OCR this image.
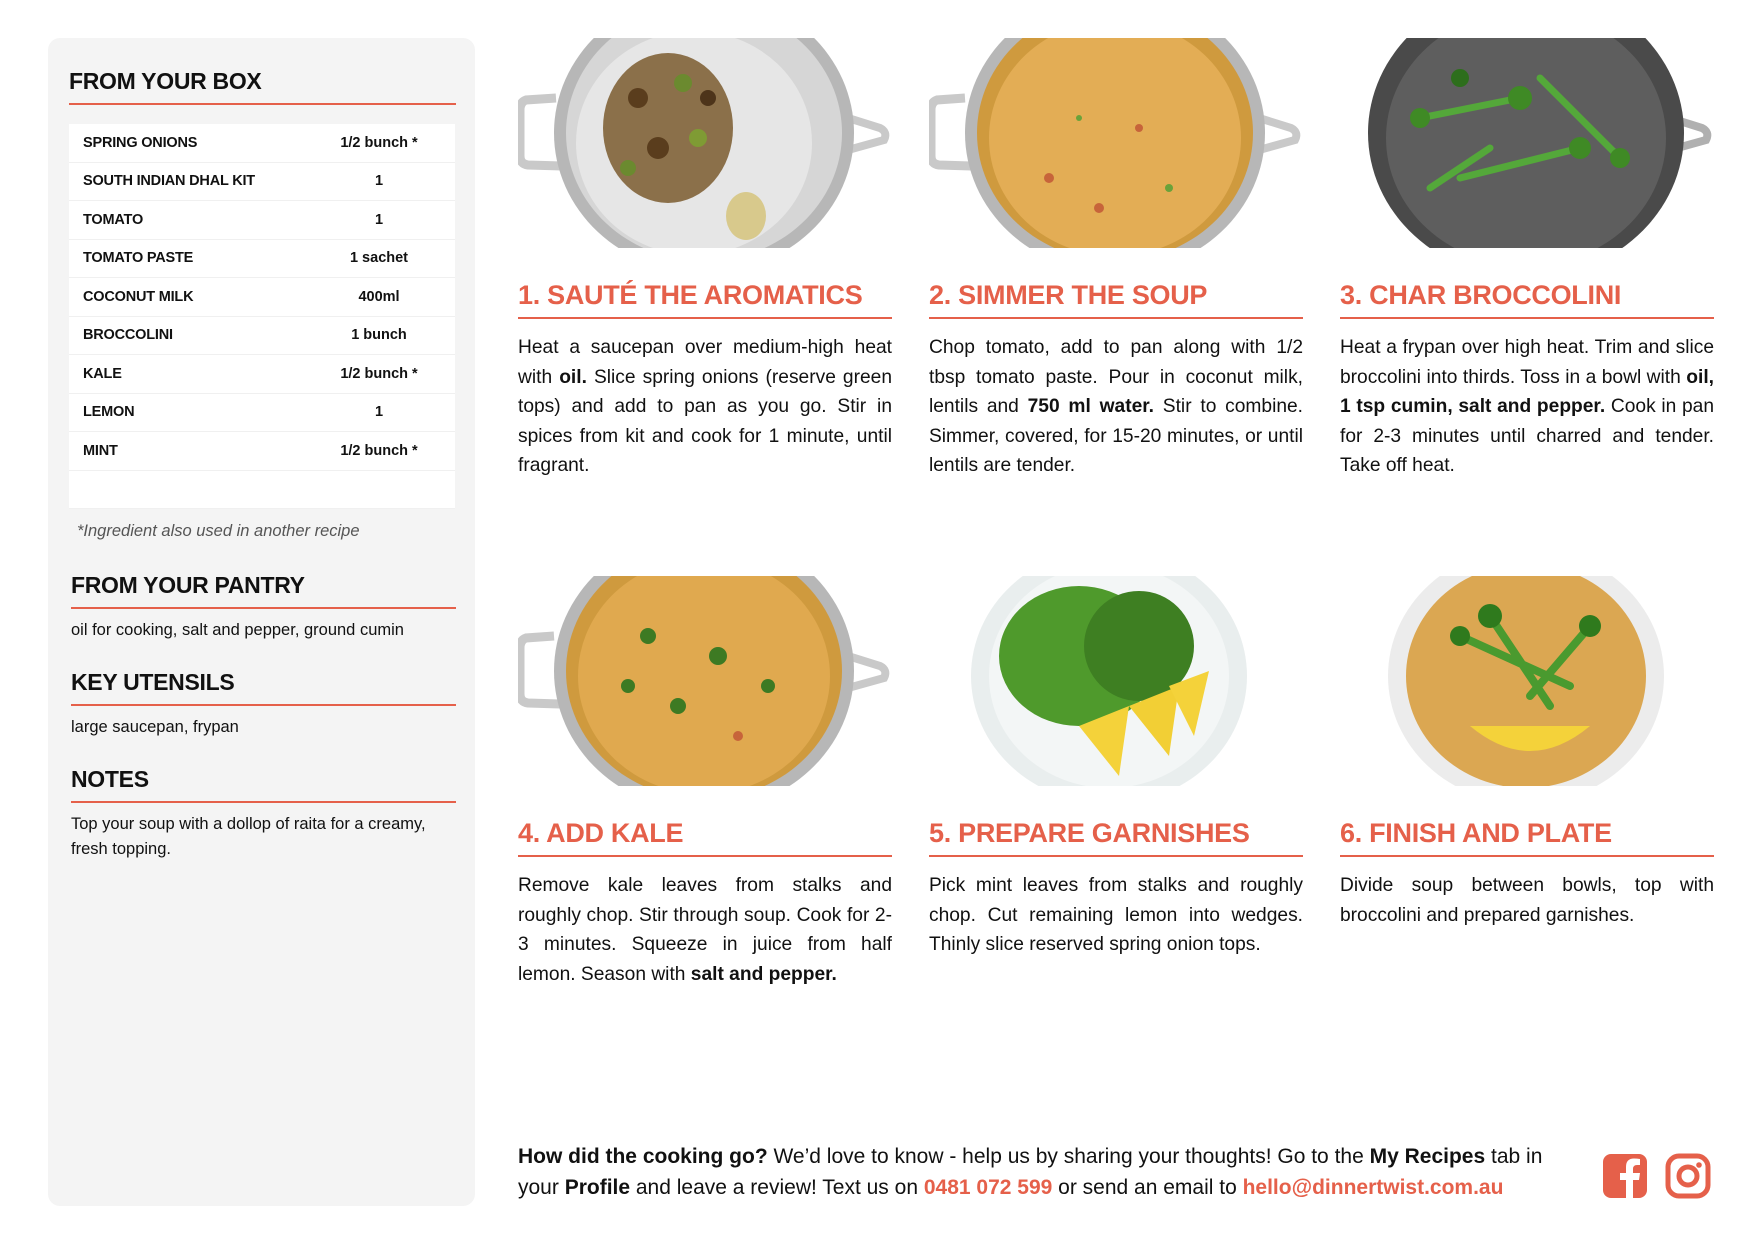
FROM YOUR BOX
SPRING ONIONS	1/2 bunch *
SOUTH INDIAN DHAL KIT	1
TOMATO	1
TOMATO PASTE	1 sachet
COCONUT MILK	400ml
BROCCOLINI	1 bunch
KALE	1/2 bunch *
LEMON	1
MINT	1/2 bunch *
*Ingredient also used in another recipe
FROM YOUR PANTRY
oil for cooking, salt and pepper, ground cumin
KEY UTENSILS
large saucepan, frypan
NOTES
Top your soup with a dollop of raita for a creamy, fresh topping.
1. SAUTÉ THE AROMATICS
Heat a saucepan over medium-high heat with oil. Slice spring onions (reserve green tops) and add to pan as you go. Stir in spices from kit and cook for 1 minute, until fragrant.
2. SIMMER THE SOUP
Chop tomato, add to pan along with 1/2 tbsp tomato paste. Pour in coconut milk, lentils and 750 ml water. Stir to combine. Simmer, covered, for 15-20 minutes, or until lentils are tender.
3. CHAR BROCCOLINI
Heat a frypan over high heat. Trim and slice broccolini into thirds. Toss in a bowl with oil, 1 tsp cumin, salt and pepper. Cook in pan for 2-3 minutes until charred and tender. Take off heat.
4. ADD KALE
Remove kale leaves from stalks and roughly chop. Stir through soup. Cook for 2-3 minutes. Squeeze in juice from half lemon. Season with salt and pepper.
5. PREPARE GARNISHES
Pick mint leaves from stalks and roughly chop. Cut remaining lemon into wedges. Thinly slice reserved spring onion tops.
6. FINISH AND PLATE
Divide soup between bowls, top with broccolini and prepared garnishes.
How did the cooking go? We’d love to know - help us by sharing your thoughts! Go to the My Recipes tab in your Profile and leave a review! Text us on 0481 072 599 or send an email to hello@dinnertwist.com.au
